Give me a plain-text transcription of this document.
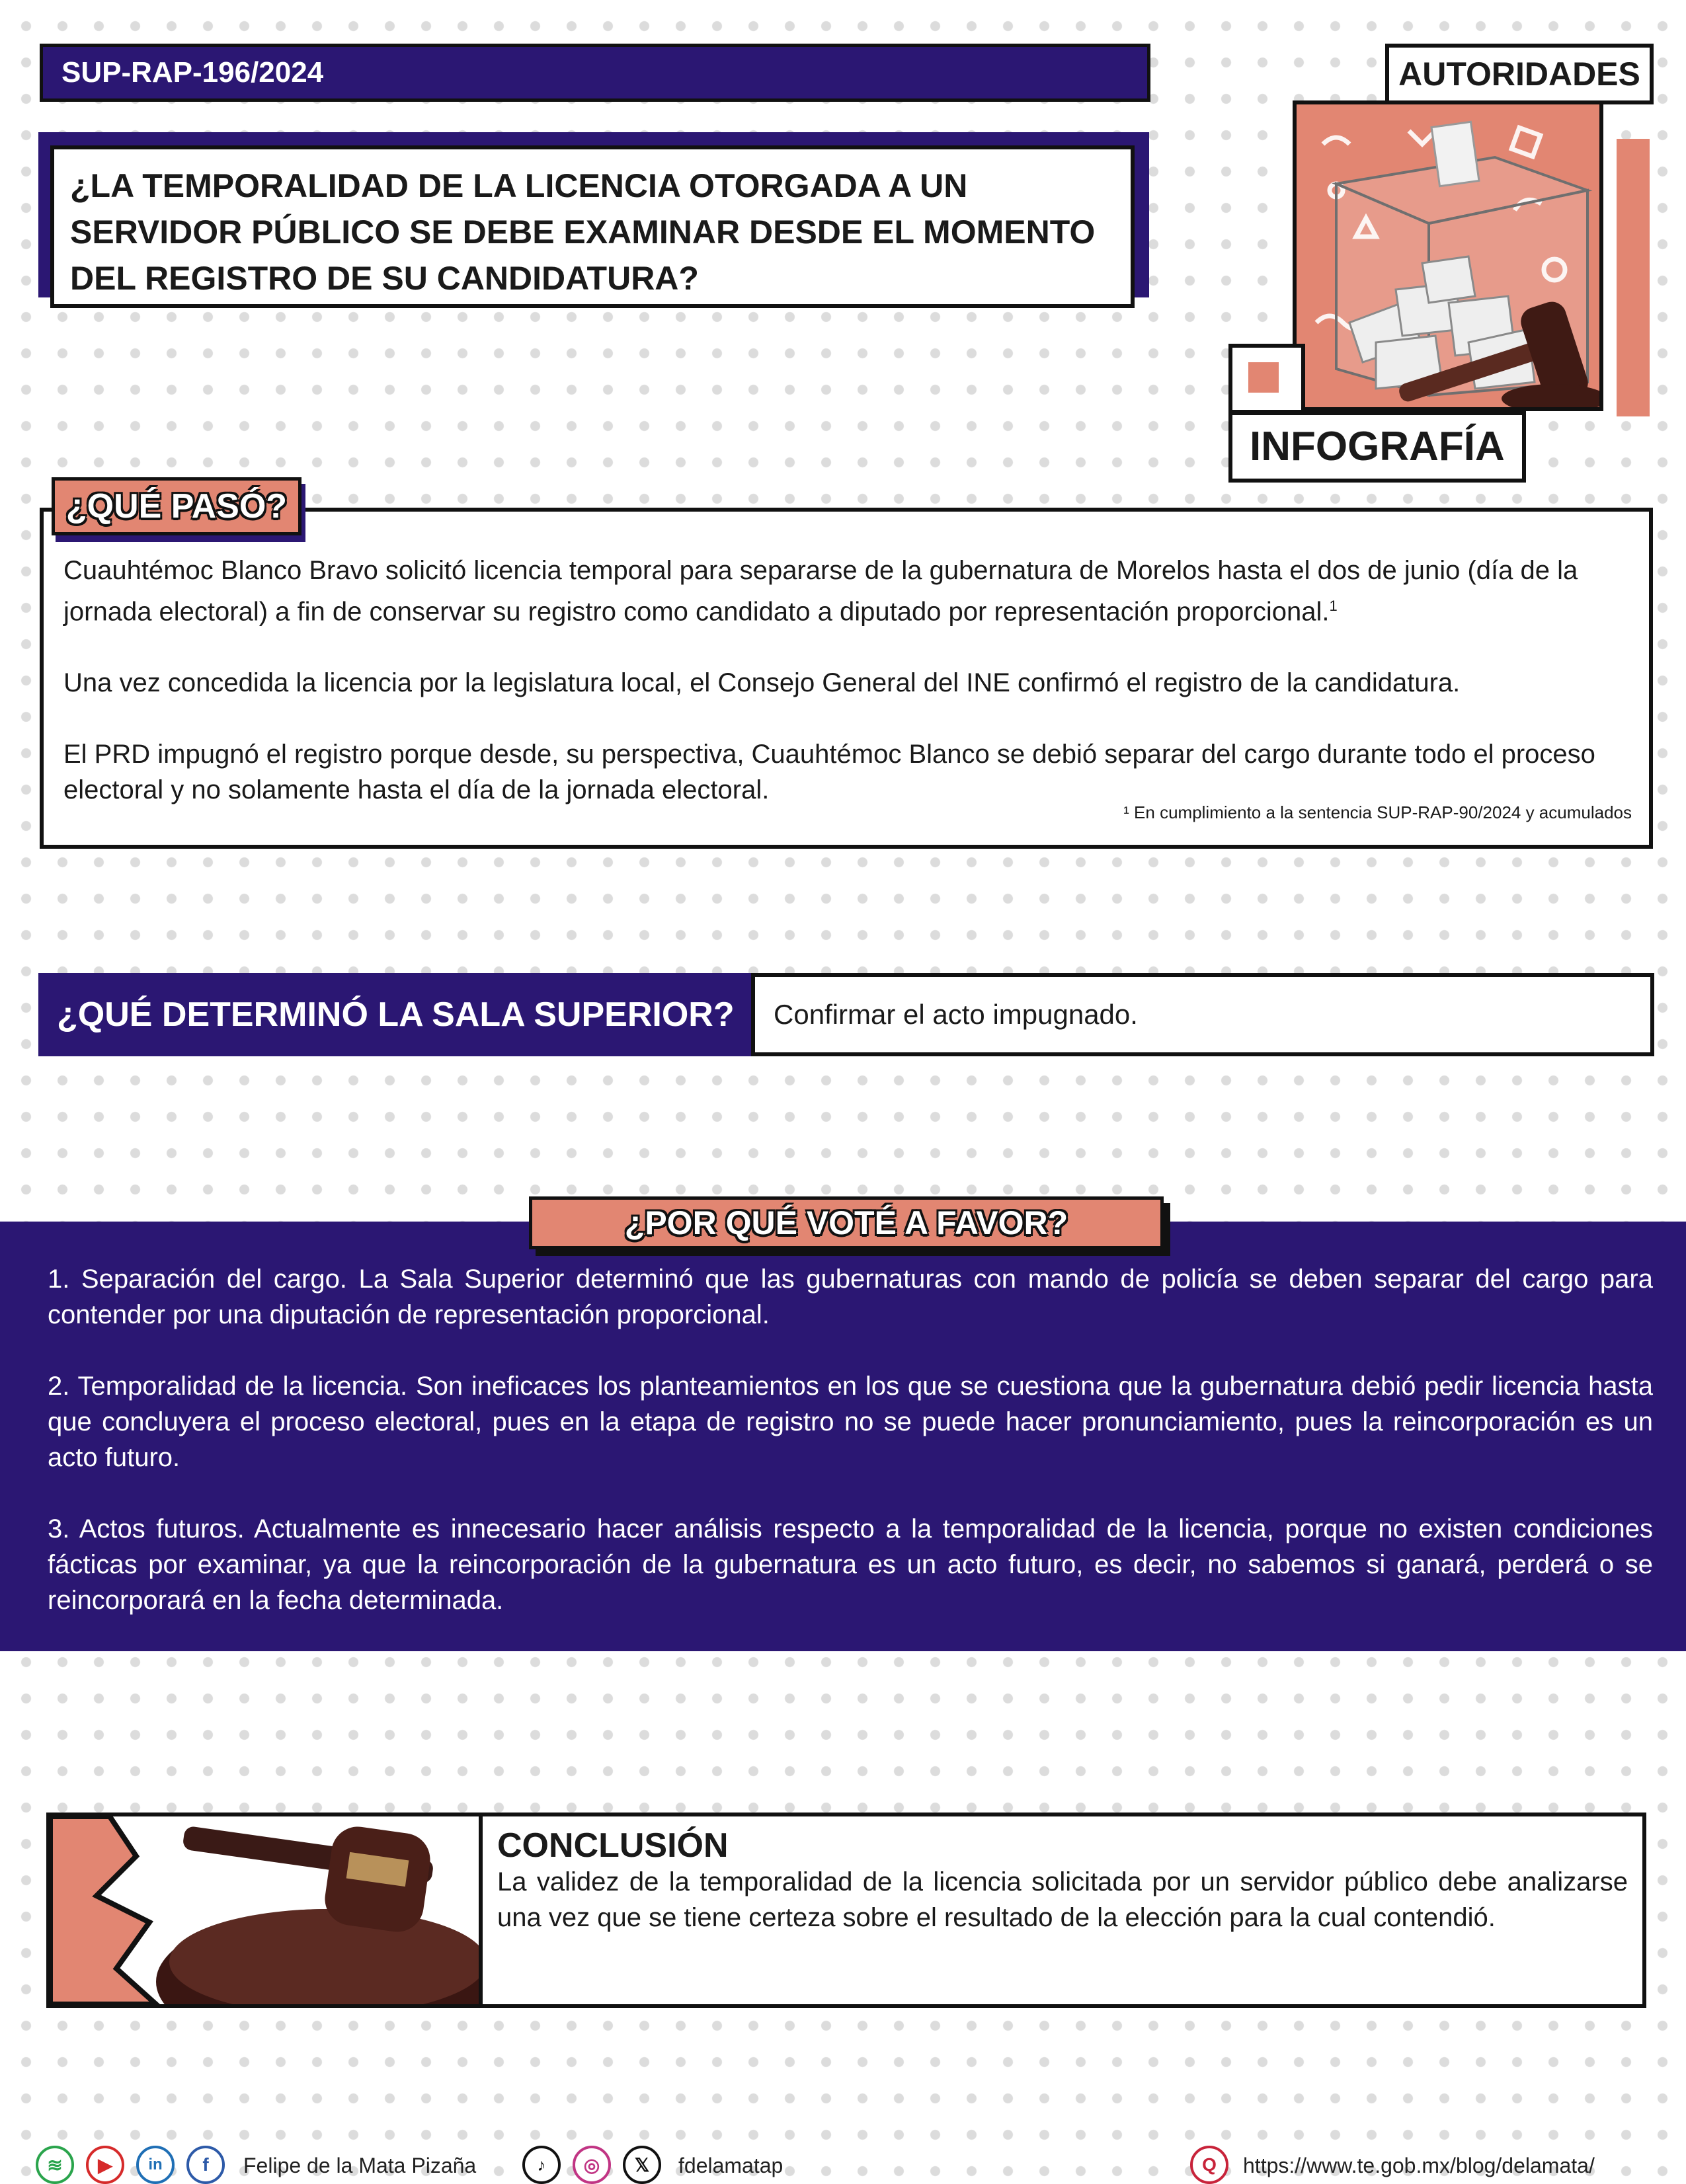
SUP-RAP-196/2024
¿LA TEMPORALIDAD DE LA LICENCIA OTORGADA A UN SERVIDOR PÚBLICO SE DEBE EXAMINAR DESDE EL MOMENTO DEL REGISTRO DE SU CANDIDATURA?
AUTORIDADES
INFOGRAFÍA

Cuauhtémoc Blanco Bravo solicitó licencia temporal para separarse de la gubernatura de Morelos hasta el dos de junio (día de la jornada electoral) a fin de conservar su registro como candidato a diputado por representación proporcional.$^1$

Una vez concedida la licencia por la legislatura local, el Consejo General del INE confirmó el registro de la candidatura.

El PRD impugnó el registro porque desde, su perspectiva, Cuauhtémoc Blanco se debió separar del cargo durante todo el proceso electoral y no solamente hasta el día de la jornada electoral.

¹ En cumplimiento a la sentencia SUP-RAP-90/2024 y acumulados
¿QUÉ PASÓ?
¿QUÉ DETERMINÓ LA SALA SUPERIOR?	Confirmar el acto impugnado.
¿POR QUÉ VOTÉ A FAVOR?

1. Separación del cargo. La Sala Superior determinó que las gubernaturas con mando de policía se deben separar del cargo para contender por una diputación de representación proporcional.

2. Temporalidad de la licencia. Son ineficaces los planteamientos en los que se cuestiona que la gubernatura debió pedir licencia hasta que concluyera el proceso electoral, pues en la etapa de registro no se puede hacer pronunciamiento, pues la reincorporación es un acto futuro.

3. Actos futuros. Actualmente es innecesario hacer análisis respecto a la temporalidad de la licencia, porque no existen condiciones fácticas por examinar, ya que la reincorporación de la gubernatura es un acto futuro, es decir, no sabemos si ganará, perderá o se reincorporará en la fecha determinada.

CONCLUSIÓN
La validez de la temporalidad de la licencia solicitada por un servidor público debe analizarse una vez que se tiene certeza sobre el resultado de la elección para la cual contendió.
≋	▶	in	f	Felipe de la Mata Pizaña	♪	◎	𝕏	fdelamatap	Q	https://www.te.gob.mx/blog/delamata/
